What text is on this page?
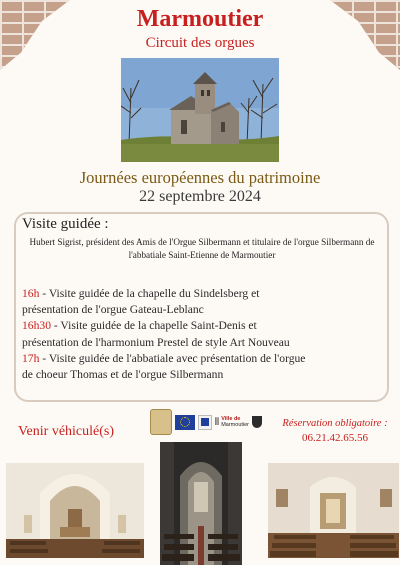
Marmoutier
Circuit des orgues
Journées européennes du patrimoine
22 septembre 2024
Visite guidée :
Hubert Sigrist, président des Amis de l'Orgue Silbermann et titulaire de l'orgue Silbermann de l'abbatiale Saint-Etienne de Marmoutier
16h - Visite guidée de la chapelle du Sindelsberg et
présentation de l'orgue Gateau-Leblanc
16h30 - Visite guidée de la chapelle Saint-Denis et
présentation de l'harmonium Prestel de style Art Nouveau
17h - Visite guidée de l'abbatiale avec présentation de l'orgue
de choeur Thomas et de l'orgue Silbermann
Venir véhiculé(s)
⦀ Ville de
Marmoutier	Réservation obligatoire :
06.21.42.65.56
